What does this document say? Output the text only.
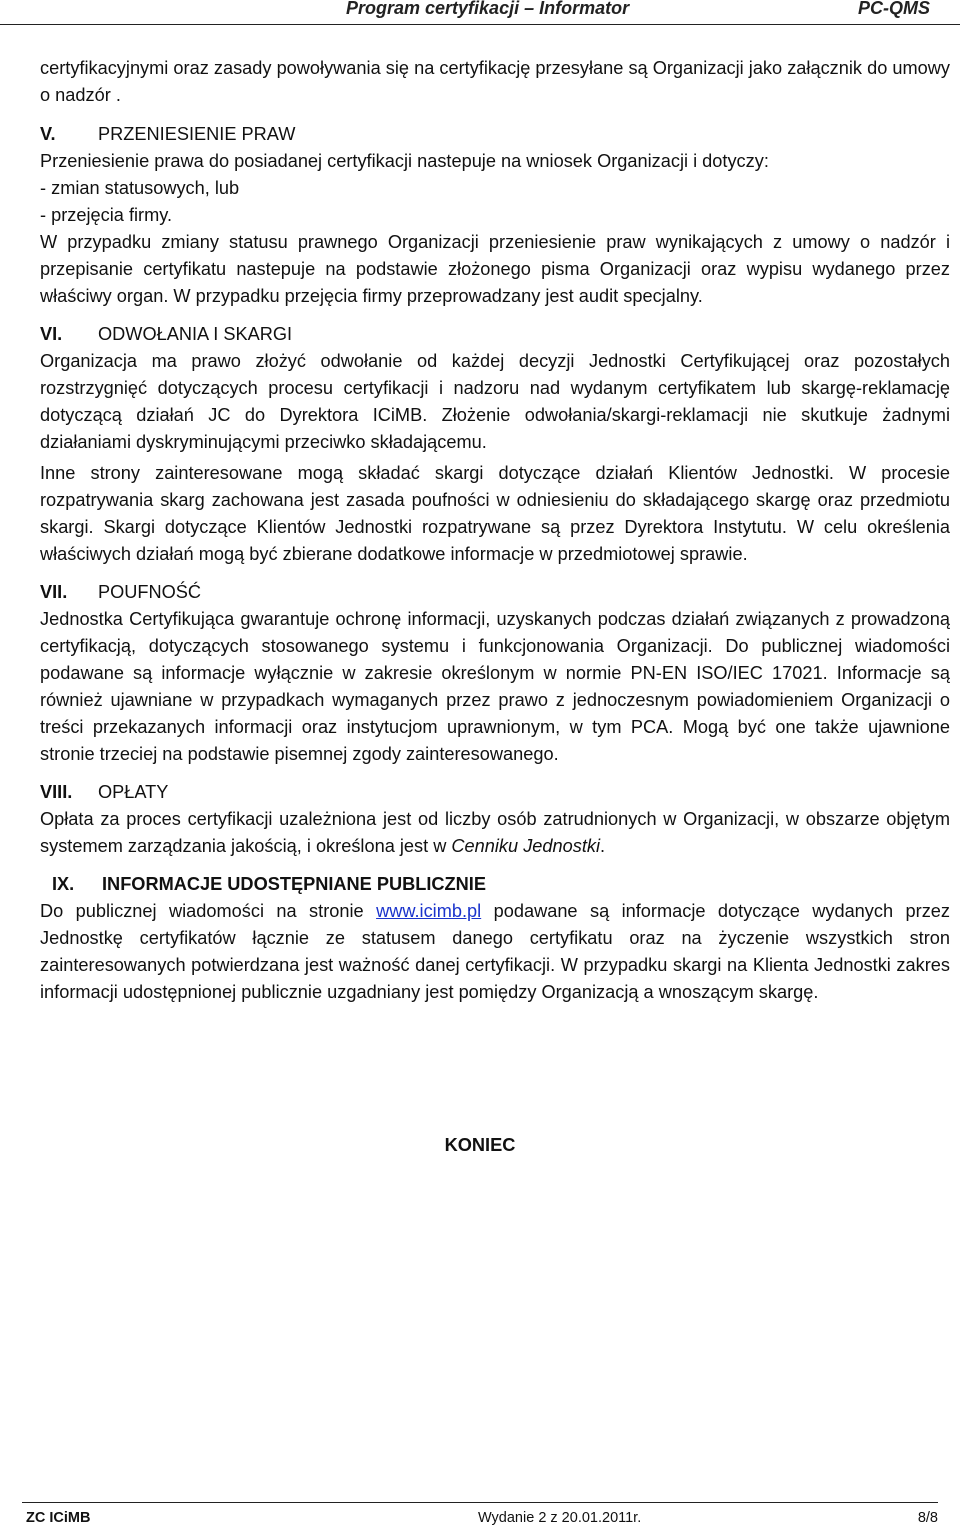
Program certyfikacji – Informator	PC-QMS

certyfikacyjnymi oraz zasady powoływania się na certyfikację przesyłane są Organizacji jako załącznik do umowy o nadzór .

V. PRZENIESIENIE PRAW

Przeniesienie prawa do posiadanej certyfikacji nastepuje na wniosek Organizacji i dotyczy:

- zmian statusowych, lub

- przejęcia firmy.

W przypadku zmiany statusu prawnego Organizacji przeniesienie praw wynikających z umowy o nadzór i przepisanie certyfikatu nastepuje na podstawie złożonego pisma Organizacji oraz wypisu wydanego przez właściwy organ. W przypadku przejęcia firmy przeprowadzany jest audit specjalny.

VI. ODWOŁANIA I SKARGI

Organizacja ma prawo złożyć odwołanie od każdej decyzji Jednostki Certyfikującej oraz pozostałych rozstrzygnięć dotyczących procesu certyfikacji i nadzoru nad wydanym certyfikatem lub skargę-reklamację dotyczącą działań JC do Dyrektora ICiMB. Złożenie odwołania/skargi-reklamacji nie skutkuje żadnymi działaniami dyskryminującymi przeciwko składającemu.

Inne strony zainteresowane mogą składać skargi dotyczące działań Klientów Jednostki. W procesie rozpatrywania skarg zachowana jest zasada poufności w odniesieniu do składającego skargę oraz przedmiotu skargi. Skargi dotyczące Klientów Jednostki rozpatrywane są przez Dyrektora Instytutu. W celu określenia właściwych działań mogą być zbierane dodatkowe informacje w przedmiotowej sprawie.

VII. POUFNOŚĆ

Jednostka Certyfikująca gwarantuje ochronę informacji, uzyskanych podczas działań związanych z prowadzoną certyfikacją, dotyczących stosowanego systemu i funkcjonowania Organizacji. Do publicznej wiadomości podawane są informacje wyłącznie w zakresie określonym w normie PN-EN ISO/IEC 17021. Informacje są również ujawniane w przypadkach wymaganych przez prawo z jednoczesnym powiadomieniem Organizacji o treści przekazanych informacji oraz instytucjom uprawnionym, w tym PCA. Mogą być one także ujawnione stronie trzeciej na podstawie pisemnej zgody zainteresowanego.

VIII. OPŁATY

Opłata za proces certyfikacji uzależniona jest od liczby osób zatrudnionych w Organizacji, w obszarze objętym systemem zarządzania jakością, i określona jest w Cenniku Jednostki.

IX. INFORMACJE UDOSTĘPNIANE PUBLICZNIE

Do publicznej wiadomości na stronie www.icimb.pl podawane są informacje dotyczące wydanych przez Jednostkę certyfikatów łącznie ze statusem danego certyfikatu oraz na życzenie wszystkich stron zainteresowanych potwierdzana jest ważność danej certyfikacji. W przypadku skargi na Klienta Jednostki zakres informacji udostępnionej publicznie uzgadniany jest pomiędzy Organizacją a wnoszącym skargę.

KONIEC
ZC ICiMB	Wydanie 2 z 20.01.2011r.	8/8
